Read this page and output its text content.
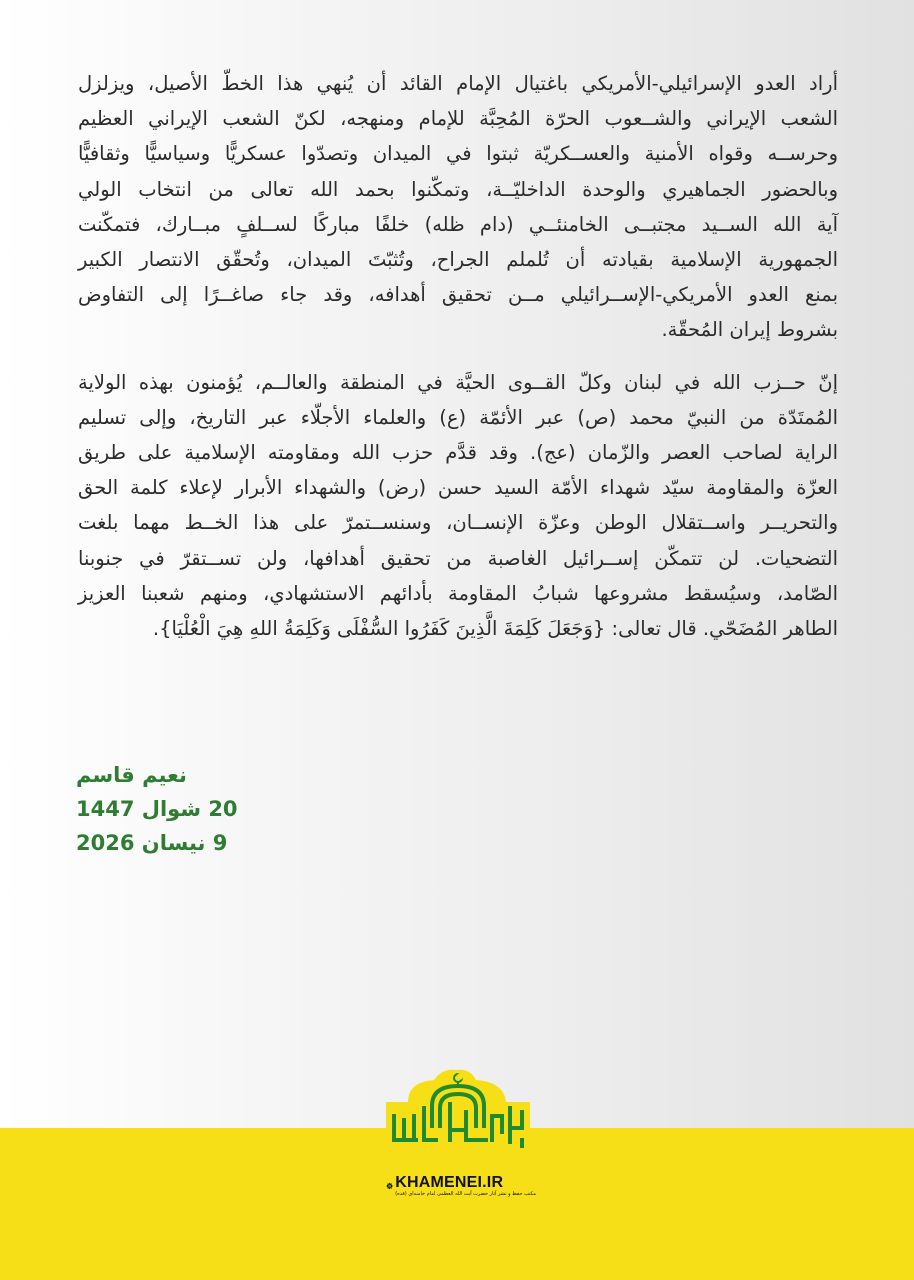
أراد العدو الإسرائيلي-الأمريكي باغتيال الإمام القائد أن يُنهي هذا الخطّ الأصيل، ويزلزل
الشعب الإيراني والشــعوب الحرّة المُحِبَّة للإمام ومنهجه، لكنّ الشعب الإيراني العظيم
وحرســه وقواه الأمنية والعســكريّة ثبتوا في الميدان وتصدّوا عسكريًّا وسياسيًّا وثقافيًّا
وبالحضور الجماهيري والوحدة الداخليّــة، وتمكّنوا بحمد الله تعالى من انتخاب الولي
آية الله الســيد مجتبــى الخامنئــي (دام ظله) خلفًا مباركًا لســلفٍ مبــارك، فتمكّنت
الجمهورية الإسلامية بقيادته أن تُلملم الجراح، وتُثبّتَ الميدان، وتُحقّق الانتصار الكبير
بمنع العدو الأمريكي-الإســرائيلي مــن تحقيق أهدافه، وقد جاء صاغــرًا إلى التفاوض
بشروط إيران المُحقّة.
إنّ حــزب الله في لبنان وكلّ القــوى الحيَّة في المنطقة والعالــم، يُؤمنون بهذه الولاية
المُمتَدّة من النبيّ محمد (ص) عبر الأئمّة (ع) والعلماء الأجلّاء عبر التاريخ، وإلى تسليم
الراية لصاحب العصر والزّمان (عج). وقد قدَّم حزب الله ومقاومته الإسلامية على طريق
العزّة والمقاومة سيّد شهداء الأمّة السيد حسن (رض) والشهداء الأبرار لإعلاء كلمة الحق
والتحريــر واســتقلال الوطن وعزّة الإنســان، وسنســتمرّ على هذا الخــط مهما بلغت
التضحيات. لن تتمكّن إســرائيل الغاصبة من تحقيق أهدافها، ولن تســتقرّ في جنوبنا
الصّامد، وسيُسقط مشروعها شبابُ المقاومة بأدائهم الاستشهادي، ومنهم شعبنا العزيز
الطاهر المُضَحّي. قال تعالى: {وَجَعَلَ كَلِمَةَ الَّذِينَ كَفَرُوا السُّفْلَى وَكَلِمَةُ اللهِ هِيَ الْعُلْيَا}.
نعيم قاسم
20 شوال 1447
9 نيسان 2026
KHAMENEI.IR
مکتب حفظ و نشر آثار حضرت آیت الله العظمی امام خامنه‌ای (قده)
